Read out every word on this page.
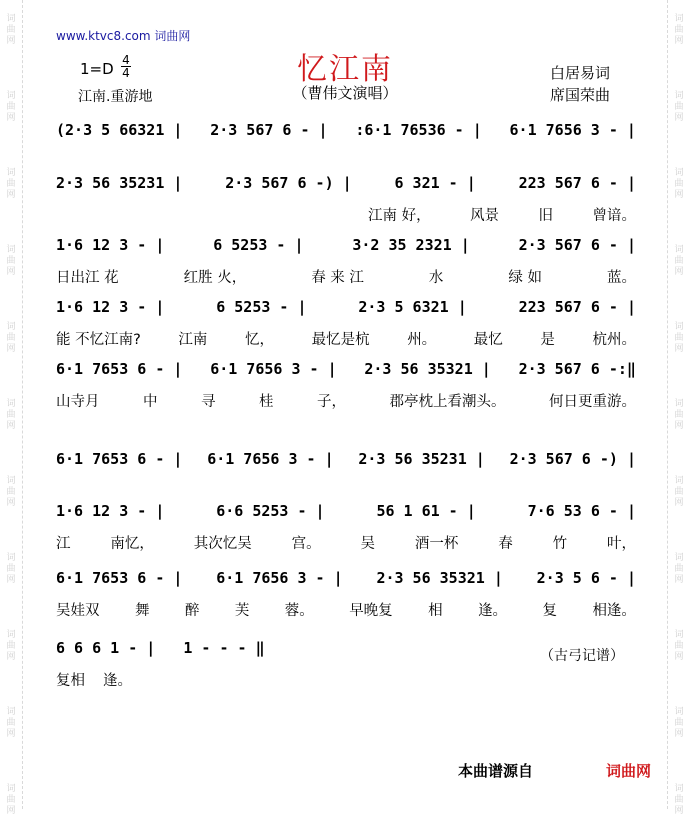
词曲网
词曲网
词曲网
词曲网
词曲网
词曲网
词曲网
词曲网
词曲网
词曲网
词曲网
词曲网
词曲网
词曲网
词曲网
词曲网
词曲网
词曲网
词曲网
词曲网
词曲网
词曲网
www.ktvc8.com 词曲网
忆江南
1=D 4
4
江南.重游地	（曹伟文演唱）
白居易词
席国荣曲
(2·3 5 66321 | 2·3 567 6 - | :6·1 76536 - | 6·1 7656 3 - |
2·3 56 35231 |	2·3 567 6 -) |	6 321 - |	223 567 6 - |
江南 好，	风景	旧	曾谙。
1·6 12 3 - |	6 5253 - |	3·2 35 2321 |	2·3 567 6 - |
日出江 花	红胜 火，	春 来 江	水	绿 如	蓝。
1·6 12 3 - |	6 5253 - |	2·3 5 6321 |	223 567 6 - |
能 不忆江南?	江南	忆，	最忆是杭	州。	最忆	是	杭州。
6·1 7653 6 - | 6·1 7656 3 - | 2·3 56 35321 | 2·3 567 6 -:‖
山寺月	中	寻	桂	子，	郡亭枕上看潮头。	何日更重游。
6·1 7653 6 - | 6·1 7656 3 - | 2·3 56 35231 | 2·3 567 6 -) |
1·6 12 3 - |	6·6 5253 - |	56 1 61 - |	7·6 53 6 - |
江	南忆，	其次忆吴	宫。	吴	酒一杯	春	竹	叶，
6·1 7653 6 - | 6·1 7656 3 - | 2·3 56 35321 | 2·3 5 6 - |
吴娃双 舞 醉 芙 蓉。 早晚复 相 逢。 复 相逢。
6 6 6 1 - | 1 - - - ‖
复相 逢。
（古弓记谱）
本曲谱源自	词曲网
